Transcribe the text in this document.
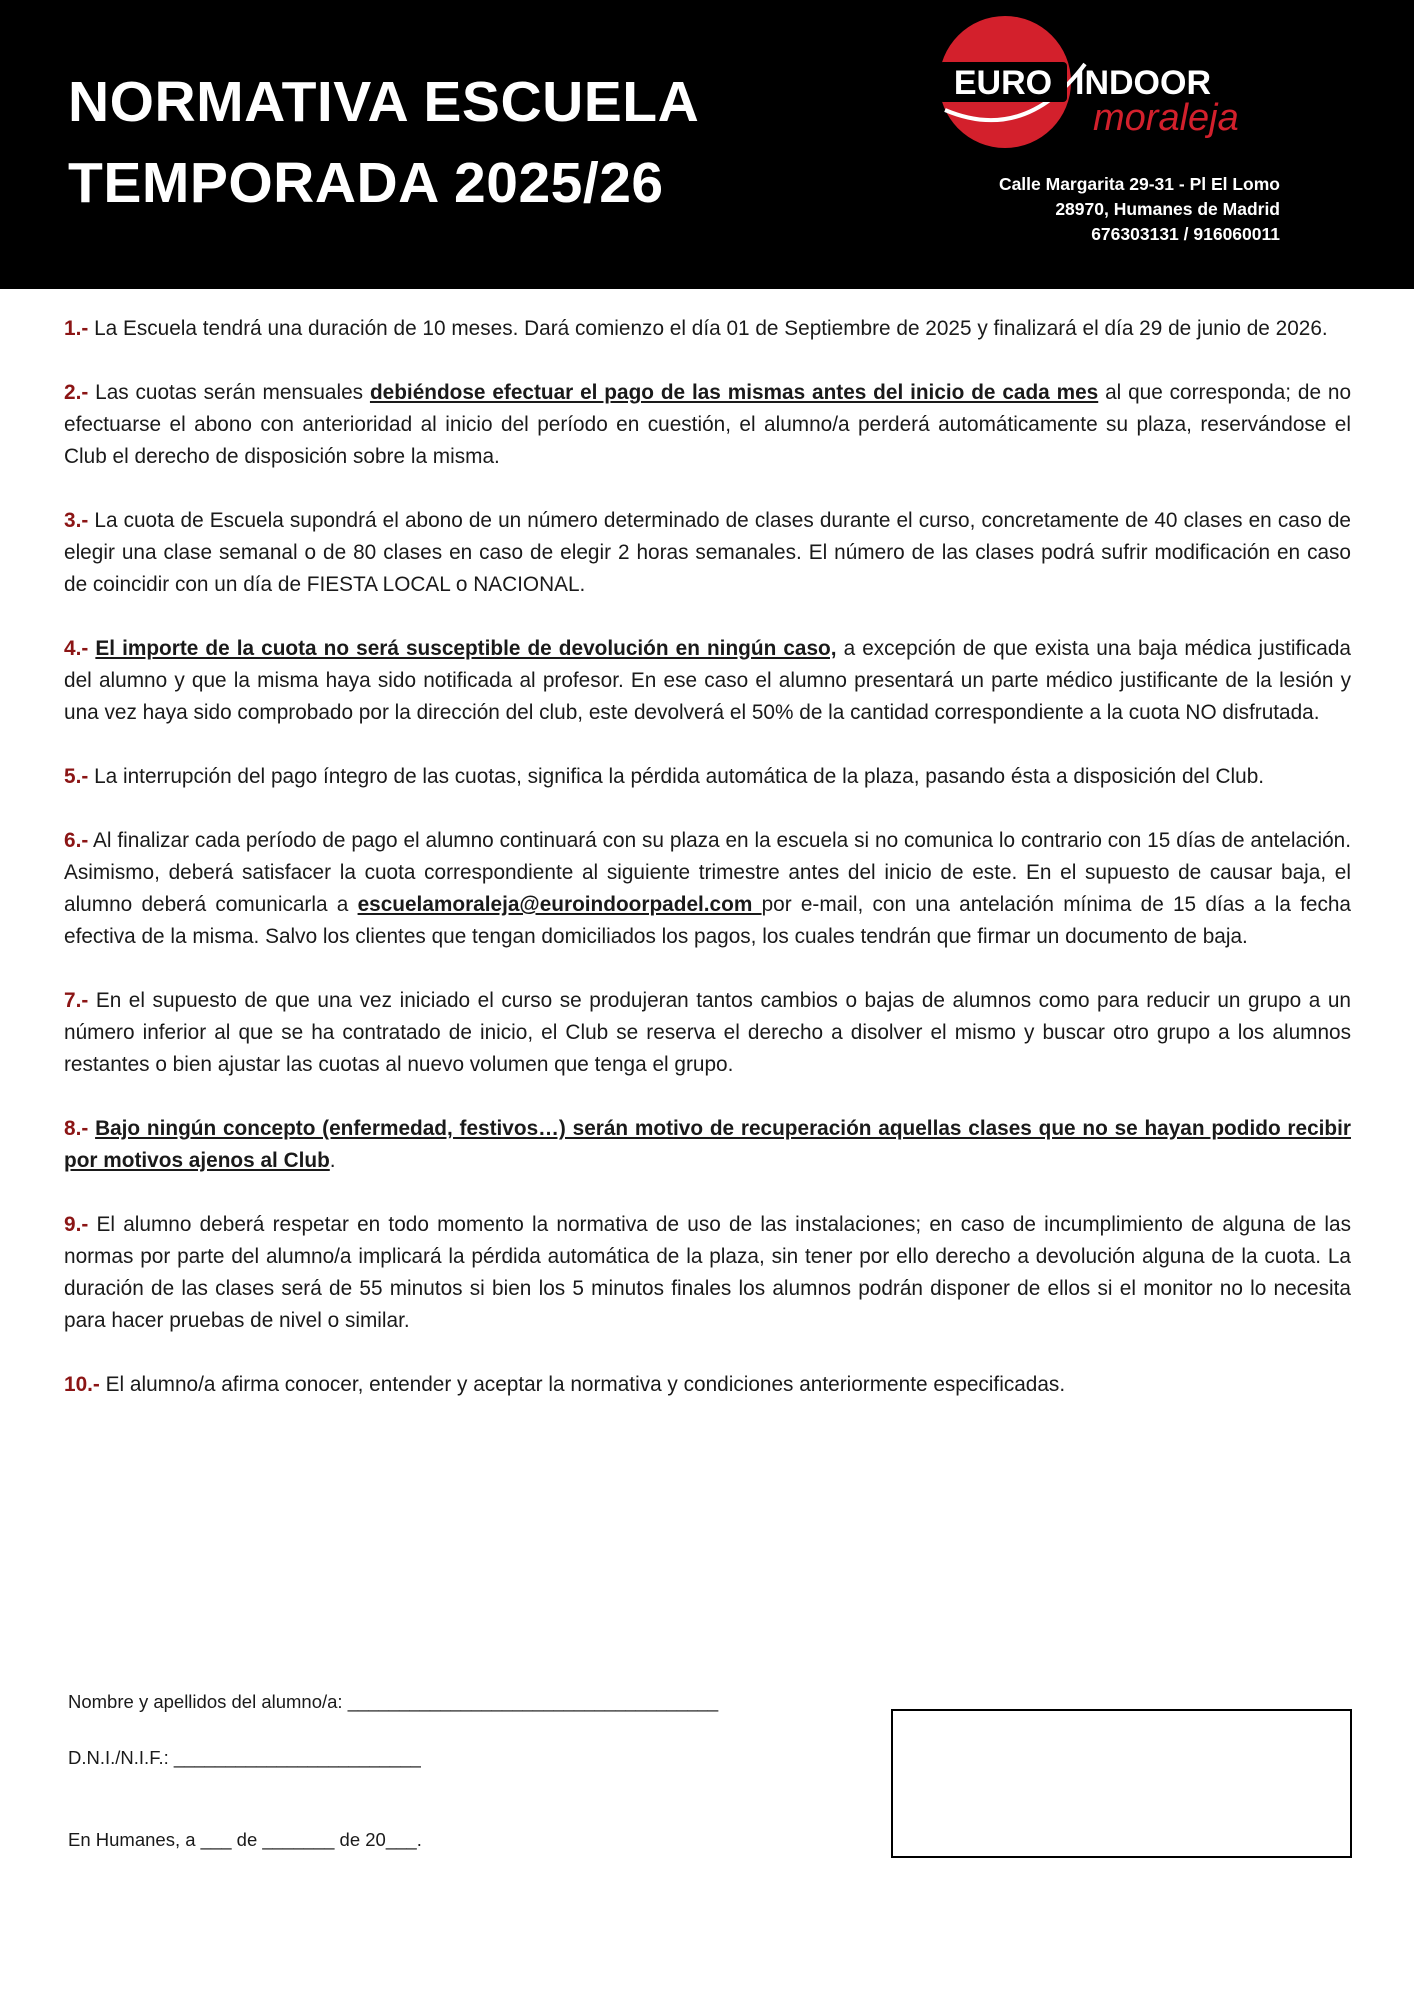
NORMATIVA ESCUELA
TEMPORADA 2025/26
EURO INDOOR
moraleja
Calle Margarita 29-31 - Pl El Lomo
28970, Humanes de Madrid
676303131 / 916060011

1.- La Escuela tendrá una duración de 10 meses. Dará comienzo el día 01 de Septiembre de 2025 y finalizará el día 29 de junio de 2026.

2.- Las cuotas serán mensuales debiéndose efectuar el pago de las mismas antes del inicio de cada mes al que corresponda; de no efectuarse el abono con anterioridad al inicio del período en cuestión, el alumno/a perderá automáticamente su plaza, reservándose el Club el derecho de disposición sobre la misma.

3.- La cuota de Escuela supondrá el abono de un número determinado de clases durante el curso, concretamente de 40 clases en caso de elegir una clase semanal o de 80 clases en caso de elegir 2 horas semanales. El número de las clases podrá sufrir modificación en caso de coincidir con un día de FIESTA LOCAL o NACIONAL.

4.- El importe de la cuota no será susceptible de devolución en ningún caso, a excepción de que exista una baja médica justificada del alumno y que la misma haya sido notificada al profesor. En ese caso el alumno presentará un parte médico justificante de la lesión y una vez haya sido comprobado por la dirección del club, este devolverá el 50% de la cantidad correspondiente a la cuota NO disfrutada.

5.- La interrupción del pago íntegro de las cuotas, significa la pérdida automática de la plaza, pasando ésta a disposición del Club.

6.- Al finalizar cada período de pago el alumno continuará con su plaza en la escuela si no comunica lo contrario con 15 días de antelación. Asimismo, deberá satisfacer la cuota correspondiente al siguiente trimestre antes del inicio de este. En el supuesto de causar baja, el alumno deberá comunicarla a escuelamoraleja@euroindoorpadel.com por e-mail, con una antelación mínima de 15 días a la fecha efectiva de la misma. Salvo los clientes que tengan domiciliados los pagos, los cuales tendrán que firmar un documento de baja.

7.- En el supuesto de que una vez iniciado el curso se produjeran tantos cambios o bajas de alumnos como para reducir un grupo a un número inferior al que se ha contratado de inicio, el Club se reserva el derecho a disolver el mismo y buscar otro grupo a los alumnos restantes o bien ajustar las cuotas al nuevo volumen que tenga el grupo.

8.- Bajo ningún concepto (enfermedad, festivos…) serán motivo de recuperación aquellas clases que no se hayan podido recibir por motivos ajenos al Club.

9.- El alumno deberá respetar en todo momento la normativa de uso de las instalaciones; en caso de incumplimiento de alguna de las normas por parte del alumno/a implicará la pérdida automática de la plaza, sin tener por ello derecho a devolución alguna de la cuota. La duración de las clases será de 55 minutos si bien los 5 minutos finales los alumnos podrán disponer de ellos si el monitor no lo necesita para hacer pruebas de nivel o similar.

10.- El alumno/a afirma conocer, entender y aceptar la normativa y condiciones anteriormente especificadas.

Nombre y apellidos del alumno/a: ____________________________________
D.N.I./N.I.F.: ________________________
En Humanes, a ___ de _______ de 20___.
